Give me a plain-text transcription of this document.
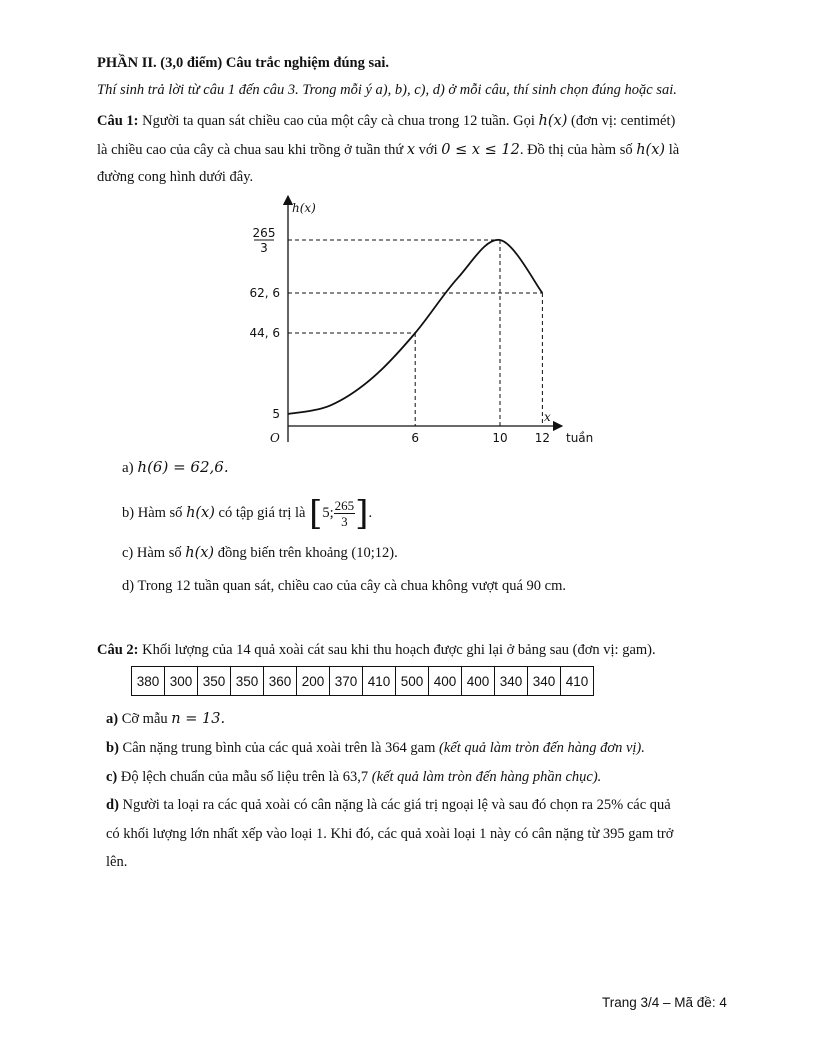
PHẦN II. (3,0 điểm) Câu trắc nghiệm đúng sai.
Thí sinh trả lời từ câu 1 đến câu 3. Trong mỗi ý a), b), c), d) ở mỗi câu, thí sinh chọn đúng hoặc sai.
Câu 1: Người ta quan sát chiều cao của một cây cà chua trong 12 tuần. Gọi h(x) (đơn vị: centimét)
là chiều cao của cây cà chua sau khi trồng ở tuần thứ x với 0 ≤ x ≤ 12. Đồ thị của hàm số h(x) là
đường cong hình dưới đây.
h(x)
x
O	tuần
6	10 12
5
44, 6
62, 6
265
3
a) h(6) = 62,6.
b) Hàm số h(x) có tập giá trị là [5; $\frac{265}{3}$ ].
c) Hàm số h(x) đồng biến trên khoảng (10;12).
d) Trong 12 tuần quan sát, chiều cao của cây cà chua không vượt quá 90 cm.
Câu 2: Khối lượng của 14 quả xoài cát sau khi thu hoạch được ghi lại ở bảng sau (đơn vị: gam).
380	300	350	350	360	200	370	410	500	400	400	340	340	410
a) Cỡ mẫu n = 13.
b) Cân nặng trung bình của các quả xoài trên là 364 gam (kết quả làm tròn đến hàng đơn vị).
c) Độ lệch chuẩn của mẫu số liệu trên là 63,7 (kết quả làm tròn đến hàng phần chục).
d) Người ta loại ra các quả xoài có cân nặng là các giá trị ngoại lệ và sau đó chọn ra 25% các quả
có khối lượng lớn nhất xếp vào loại 1. Khi đó, các quả xoài loại 1 này có cân nặng từ 395 gam trở
lên.
Trang 3/4 – Mã đề: 4
